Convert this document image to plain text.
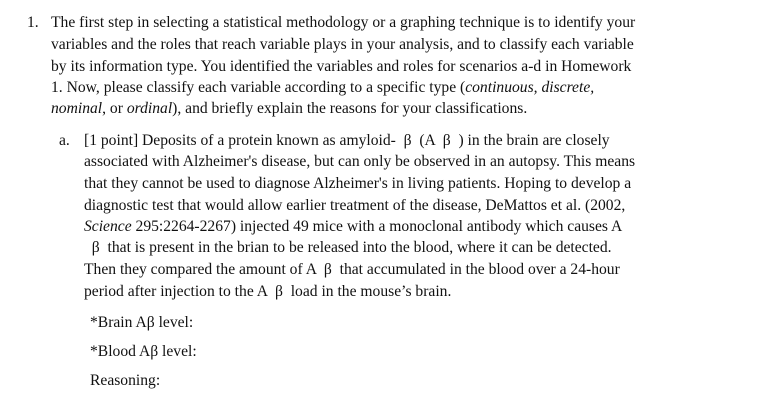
1. The first step in selecting a statistical methodology or a graphing technique is to identify your
variables and the roles that reach variable plays in your analysis, and to classify each variable
by its information type. You identified the variables and roles for scenarios a-d in Homework
1. Now, please classify each variable according to a specific type (continuous, discrete,
nominal, or ordinal), and briefly explain the reasons for your classifications.
a. [1 point] Deposits of a protein known as amyloid-  β  (A  β  ) in the brain are closely
associated with Alzheimer's disease, but can only be observed in an autopsy. This means
that they cannot be used to diagnose Alzheimer's in living patients. Hoping to develop a
diagnostic test that would allow earlier treatment of the disease, DeMattos et al. (2002,
Science 295:2264-2267) injected 49 mice with a monoclonal antibody which causes A
β  that is present in the brian to be released into the blood, where it can be detected.
Then they compared the amount of A  β  that accumulated in the blood over a 24-hour
period after injection to the A  β  load in the mouse’s brain.
*Brain Aβ level:
*Blood Aβ level:
Reasoning:
